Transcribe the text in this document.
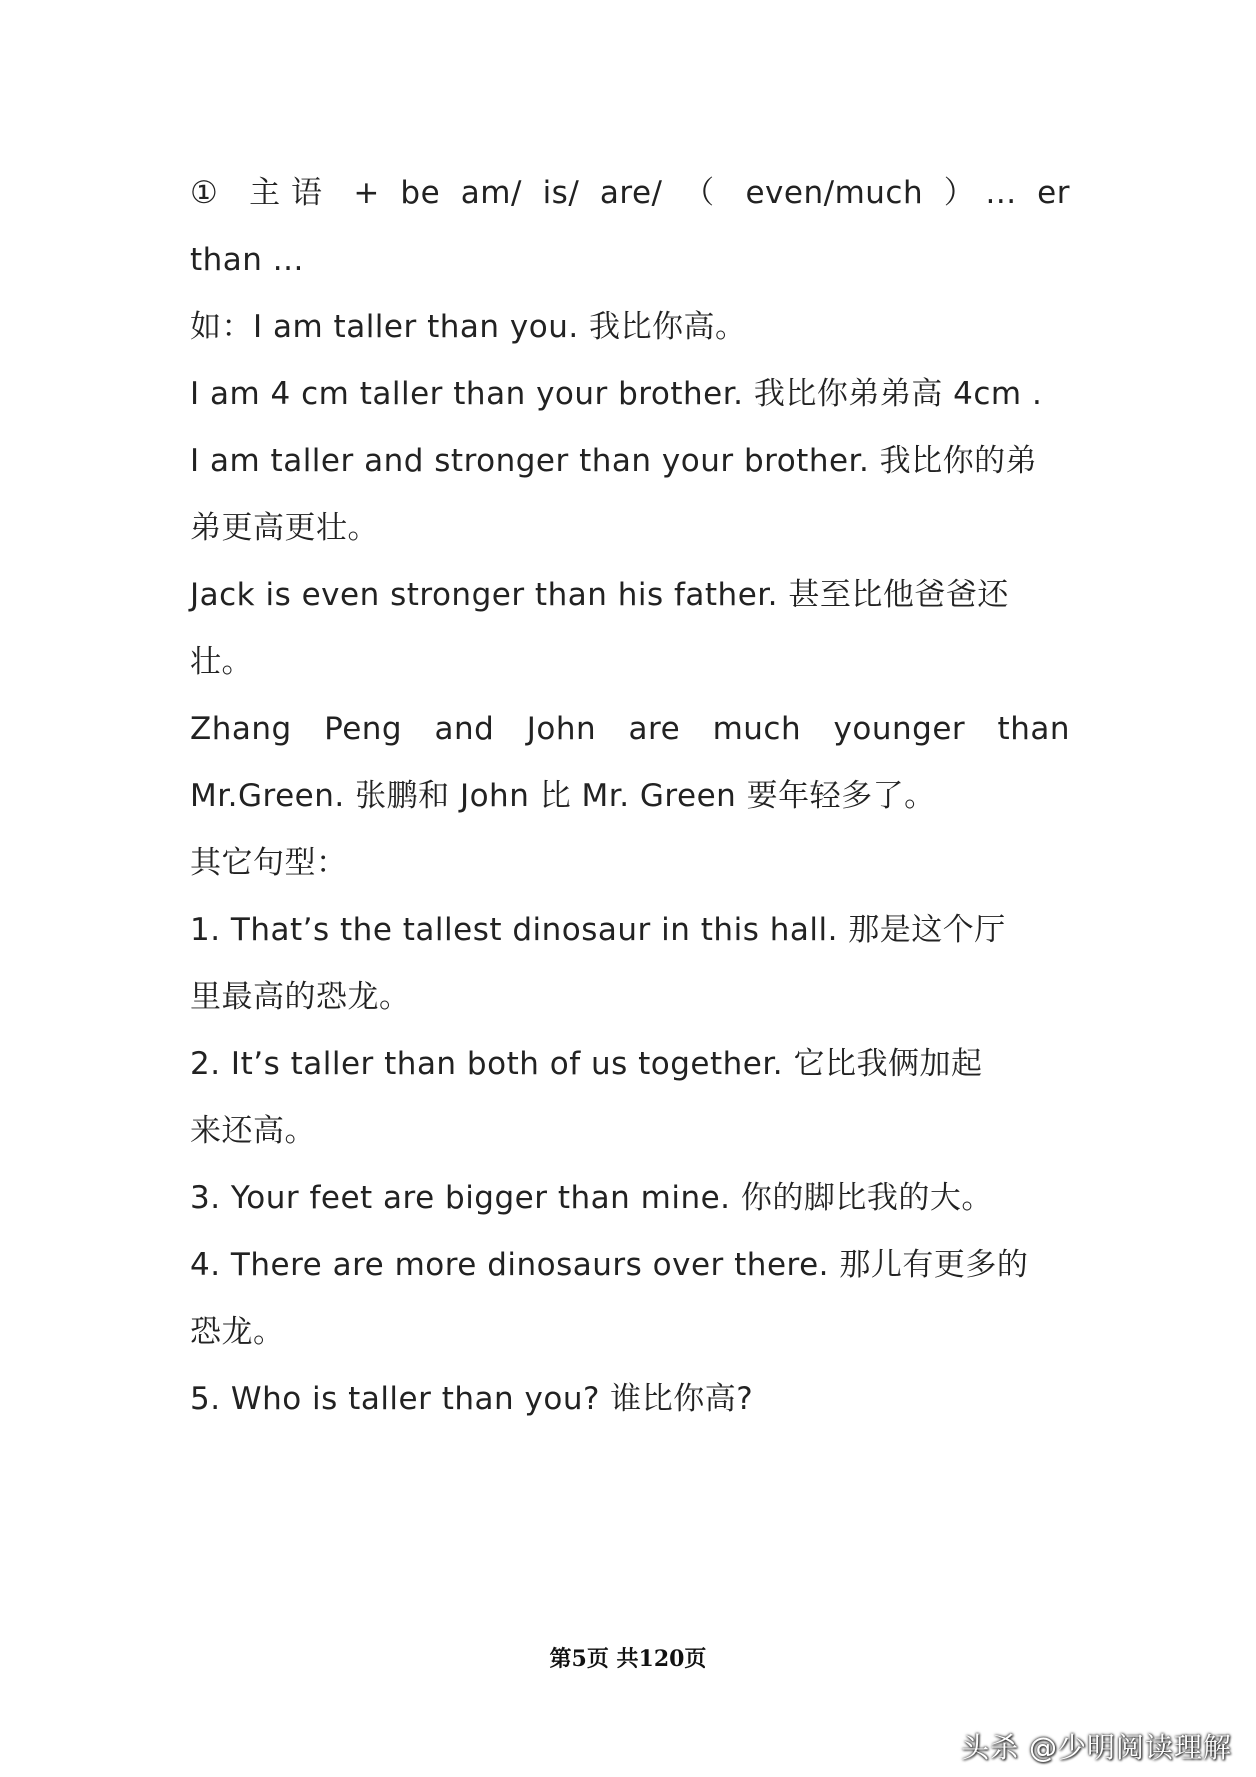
① 主语 + be am/ is/ are/ （ even/much ）... er
than ...
如：I am taller than you. 我比你高。
I am 4 cm taller than your brother. 我比你弟弟高 4cm .
I am taller and stronger than your brother. 我比你的弟
弟更高更壮。
Jack is even stronger than his father. 甚至比他爸爸还
壮。
Zhang Peng and John are much younger than
Mr.Green. 张鹏和 John 比 Mr. Green 要年轻多了。
其它句型：
1. That’s the tallest dinosaur in this hall. 那是这个厅
里最高的恐龙。
2. It’s taller than both of us together. 它比我俩加起
来还高。
3. Your feet are bigger than mine. 你的脚比我的大。
4. There are more dinosaurs over there. 那儿有更多的
恐龙。
5. Who is taller than you? 谁比你高?
第5页 共120页
头杀 @少明阅读理解
